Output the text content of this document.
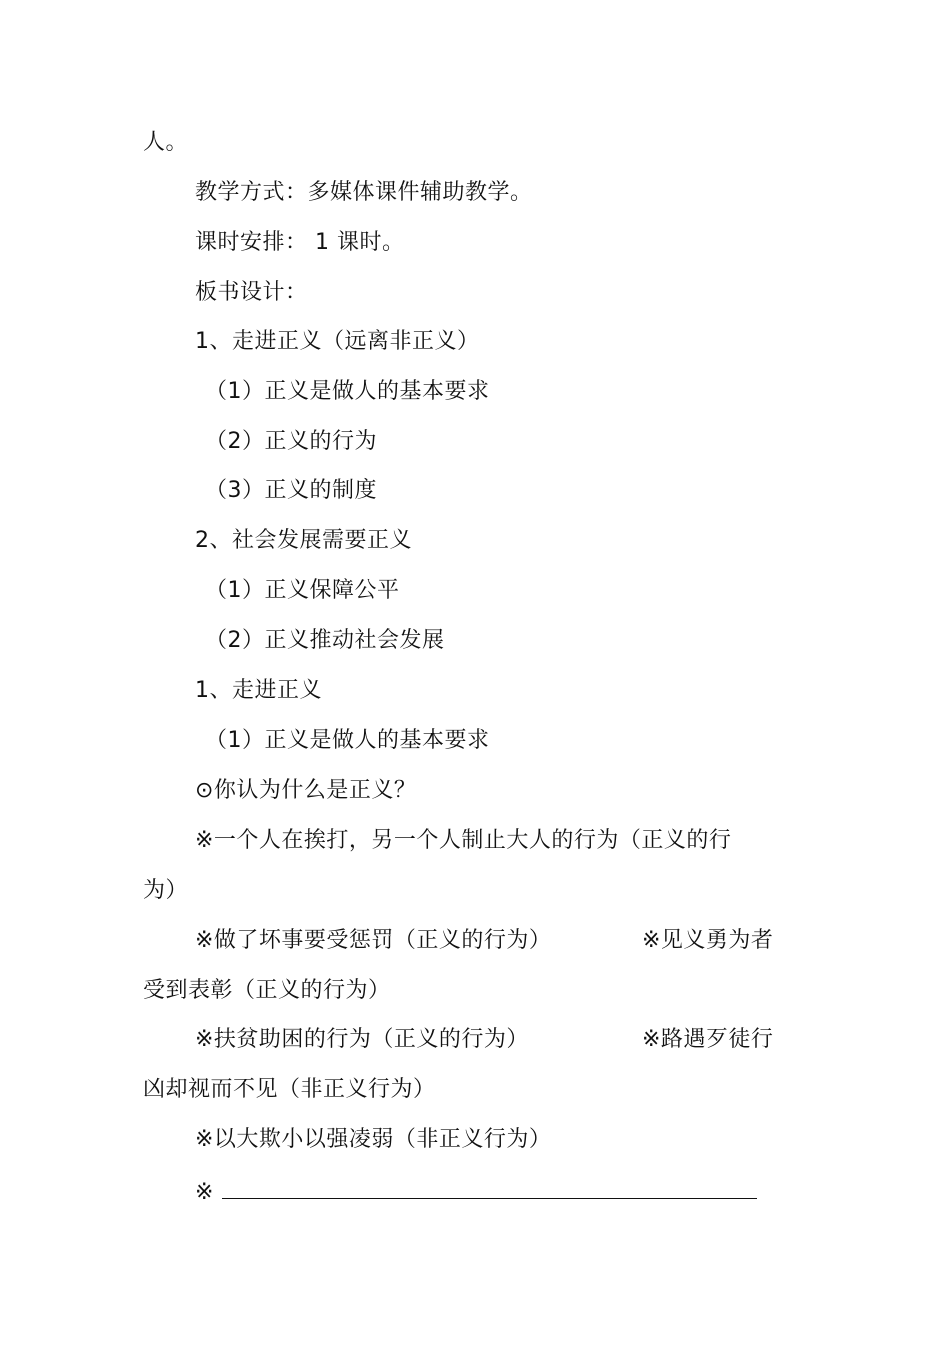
人。
教学方式：多媒体课件辅助教学。
课时安排： 1 课时。
板书设计：
1、走进正义（远离非正义）
（1）正义是做人的基本要求
（2）正义的行为
（3）正义的制度
2、社会发展需要正义
（1）正义保障公平
（2）正义推动社会发展
1、走进正义
（1）正义是做人的基本要求
⊙你认为什么是正义？
※一个人在挨打，另一个人制止大人的行为（正义的行
为）
※做了坏事要受惩罚（正义的行为）	※见义勇为者
受到表彰（正义的行为）
※扶贫助困的行为（正义的行为）	※路遇歹徒行
凶却视而不见（非正义行为）
※以大欺小以强凌弱（非正义行为）
※
